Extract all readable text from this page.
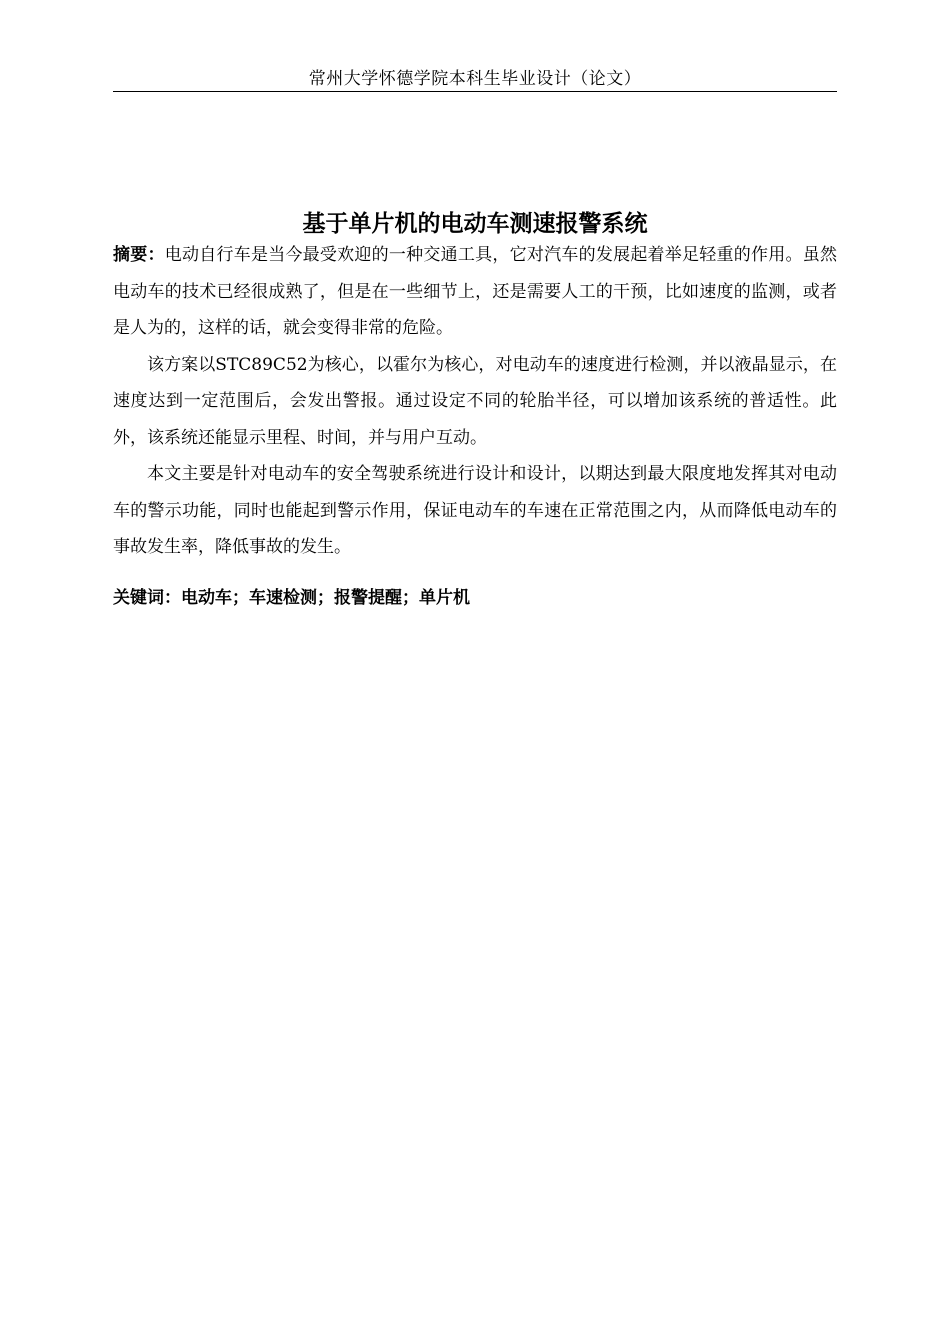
常州大学怀德学院本科生毕业设计（论文）
基于单片机的电动车测速报警系统

摘要：电动自行车是当今最受欢迎的一种交通工具，它对汽车的发展起着举足轻重的作用。虽然电动车的技术已经很成熟了，但是在一些细节上，还是需要人工的干预，比如速度的监测，或者是人为的，这样的话，就会变得非常的危险。

该方案以STC89C52为核心，以霍尔为核心，对电动车的速度进行检测，并以液晶显示，在速度达到一定范围后，会发出警报。通过设定不同的轮胎半径，可以增加该系统的普适性。此外，该系统还能显示里程、时间，并与用户互动。

本文主要是针对电动车的安全驾驶系统进行设计和设计，以期达到最大限度地发挥其对电动车的警示功能，同时也能起到警示作用，保证电动车的车速在正常范围之内，从而降低电动车的事故发生率，降低事故的发生。

关键词：电动车；车速检测；报警提醒；单片机
